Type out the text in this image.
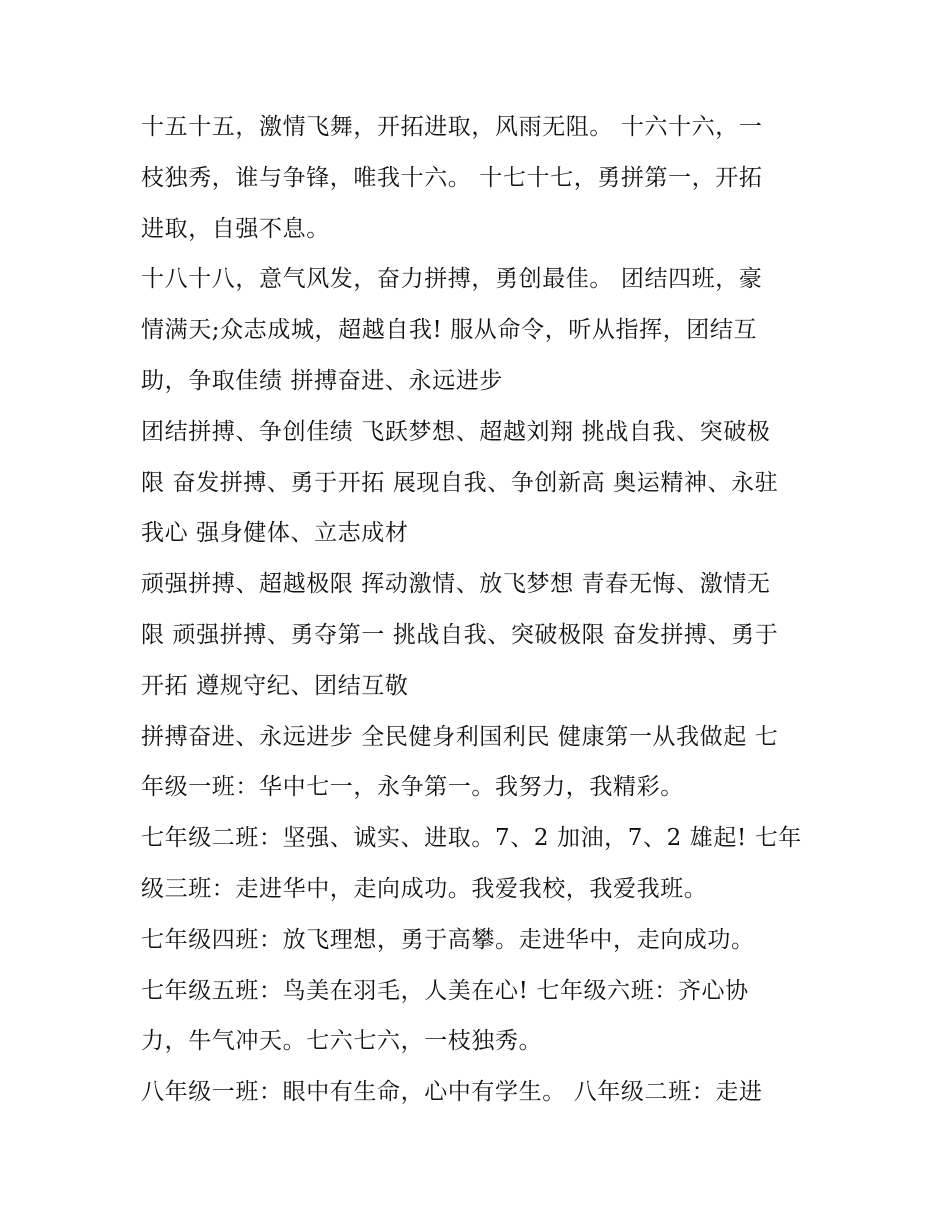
十五十五，激情飞舞，开拓进取，风雨无阻。 十六十六，一
枝独秀，谁与争锋，唯我十六。 十七十七，勇拼第一，开拓
进取，自强不息。

十八十八，意气风发，奋力拼搏，勇创最佳。 团结四班，豪
情满天;众志成城，超越自我! 服从命令，听从指挥，团结互
助，争取佳绩 拼搏奋进、永远进步

团结拼搏、争创佳绩 飞跃梦想、超越刘翔 挑战自我、突破极
限 奋发拼搏、勇于开拓 展现自我、争创新高 奥运精神、永驻
我心 强身健体、立志成材

顽强拼搏、超越极限 挥动激情、放飞梦想 青春无悔、激情无
限 顽强拼搏、勇夺第一 挑战自我、突破极限 奋发拼搏、勇于
开拓 遵规守纪、团结互敬

拼搏奋进、永远进步 全民健身利国利民 健康第一从我做起 七
年级一班：华中七一，永争第一。我努力，我精彩。

七年级二班：坚强、诚实、进取。7、2 加油，7、2 雄起! 七年
级三班：走进华中，走向成功。我爱我校，我爱我班。

七年级四班：放飞理想，勇于高攀。走进华中，走向成功。

七年级五班：鸟美在羽毛，人美在心! 七年级六班：齐心协
力，牛气冲天。七六七六，一枝独秀。

八年级一班：眼中有生命，心中有学生。 八年级二班：走进
